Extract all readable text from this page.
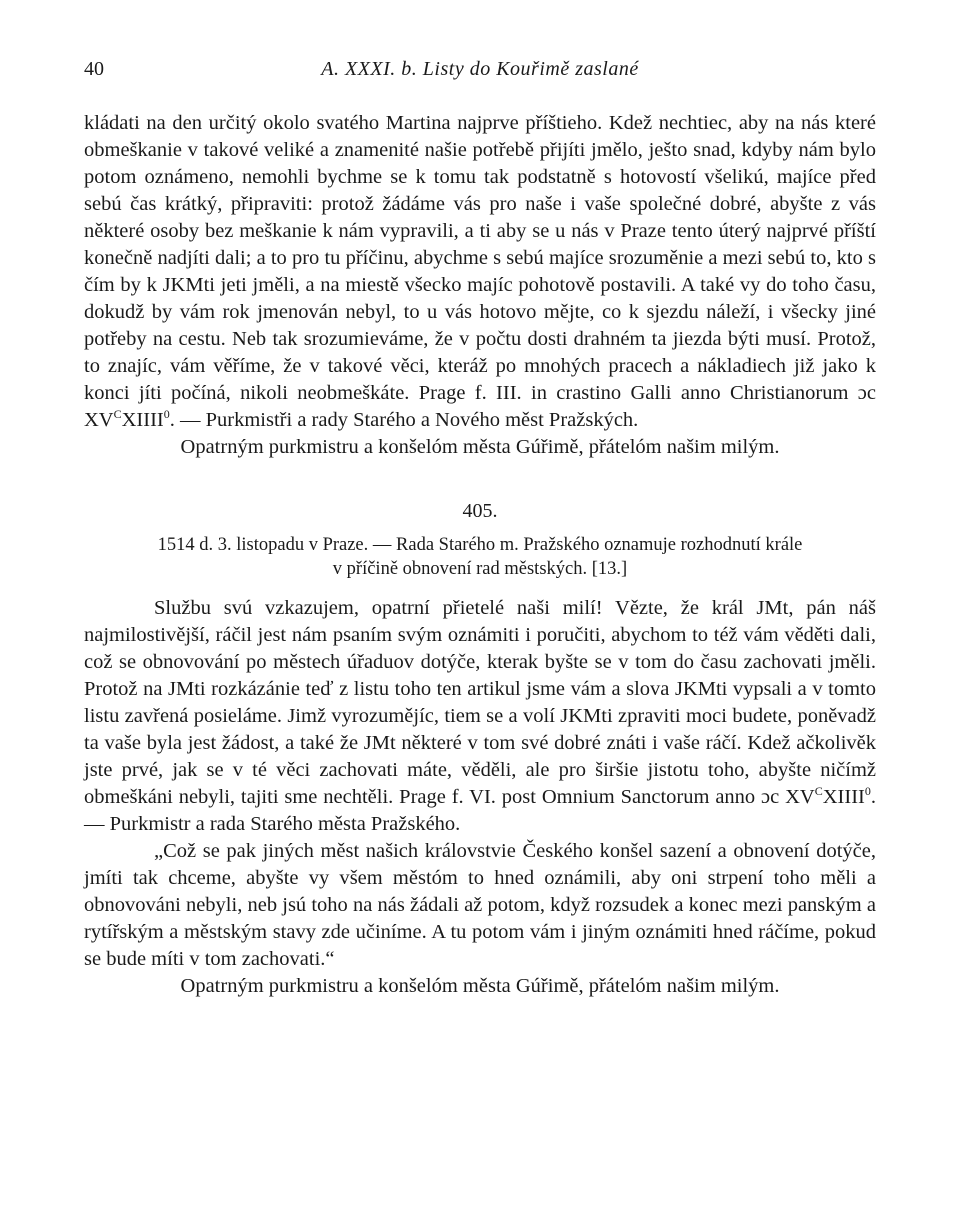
40	A. XXXI. b. Listy do Kouřimě zaslané

kládati na den určitý okolo svatého Martina najprve příštieho. Kdež nechtiec, aby na nás které obmeškanie v takové veliké a znamenité našie potřebě přijíti jmělo, ješto snad, kdyby nám bylo potom oznámeno, nemohli bychme se k tomu tak podstatně s hotovostí všelikú, majíce před sebú čas krátký, připraviti: protož žádáme vás pro naše i vaše společné dobré, abyšte z vás některé osoby bez meškanie k nám vypravili, a ti aby se u nás v Praze tento úterý najprvé příští konečně nadjíti dali; a to pro tu příčinu, abychme s sebú majíce srozuměnie a mezi sebú to, kto s čím by k JKMti jeti jměli, a na miestě všecko majíc pohotově postavili. A také vy do toho času, dokudž by vám rok jmenován nebyl, to u vás hotovo mějte, co k sjezdu náleží, i všecky jiné potřeby na cestu. Neb tak srozumieváme, že v počtu dosti drahném ta jiezda býti musí. Protož, to znajíc, vám věříme, že v takové věci, kteráž po mnohých pracech a nákladiech již jako k konci jíti počíná, nikoli neobmeškáte. Prage f. III. in crastino Galli anno Christianorum ɔc $XV^CXIIII^0$. — Purkmistři a rady Starého a Nového měst Pražských.

Opatrným purkmistru a konšelóm města Gúřimě, přátelóm našim milým.

405.
1514 d. 3. listopadu v Praze. — Rada Starého m. Pražského oznamuje rozhodnutí krále
v příčině obnovení rad městských. [13.]

Službu svú vzkazujem, opatrní přietelé naši milí! Vězte, že král JMt, pán náš najmilostivější, ráčil jest nám psaním svým oznámiti i poručiti, abychom to též vám věděti dali, což se obnovování po městech úřaduov dotýče, kterak byšte se v tom do času zachovati jměli. Protož na JMti rozkázánie teď z listu toho ten artikul jsme vám a slova JKMti vypsali a v tomto listu zavřená posieláme. Jimž vyrozumějíc, tiem se a volí JKMti zpraviti moci budete, poněvadž ta vaše byla jest žádost, a také že JMt některé v tom své dobré znáti i vaše ráčí. Kdež ačkolivěk jste prvé, jak se v té věci zachovati máte, věděli, ale pro širšie jistotu toho, abyšte ničímž obmeškáni nebyli, tajiti sme nechtěli. Prage f. VI. post Omnium Sanctorum anno ɔc $XV^CXIIII^0$. — Purkmistr a rada Starého města Pražského.

„Což se pak jiných měst našich královstvie Českého konšel sazení a obnovení dotýče, jmíti tak chceme, abyšte vy všem městóm to hned oznámili, aby oni strpení toho měli a obnovováni nebyli, neb jsú toho na nás žádali až potom, když rozsudek a konec mezi panským a rytířským a městským stavy zde učiníme. A tu potom vám i jiným oznámiti hned ráčíme, pokud se bude míti v tom zachovati.“

Opatrným purkmistru a konšelóm města Gúřimě, přátelóm našim milým.
